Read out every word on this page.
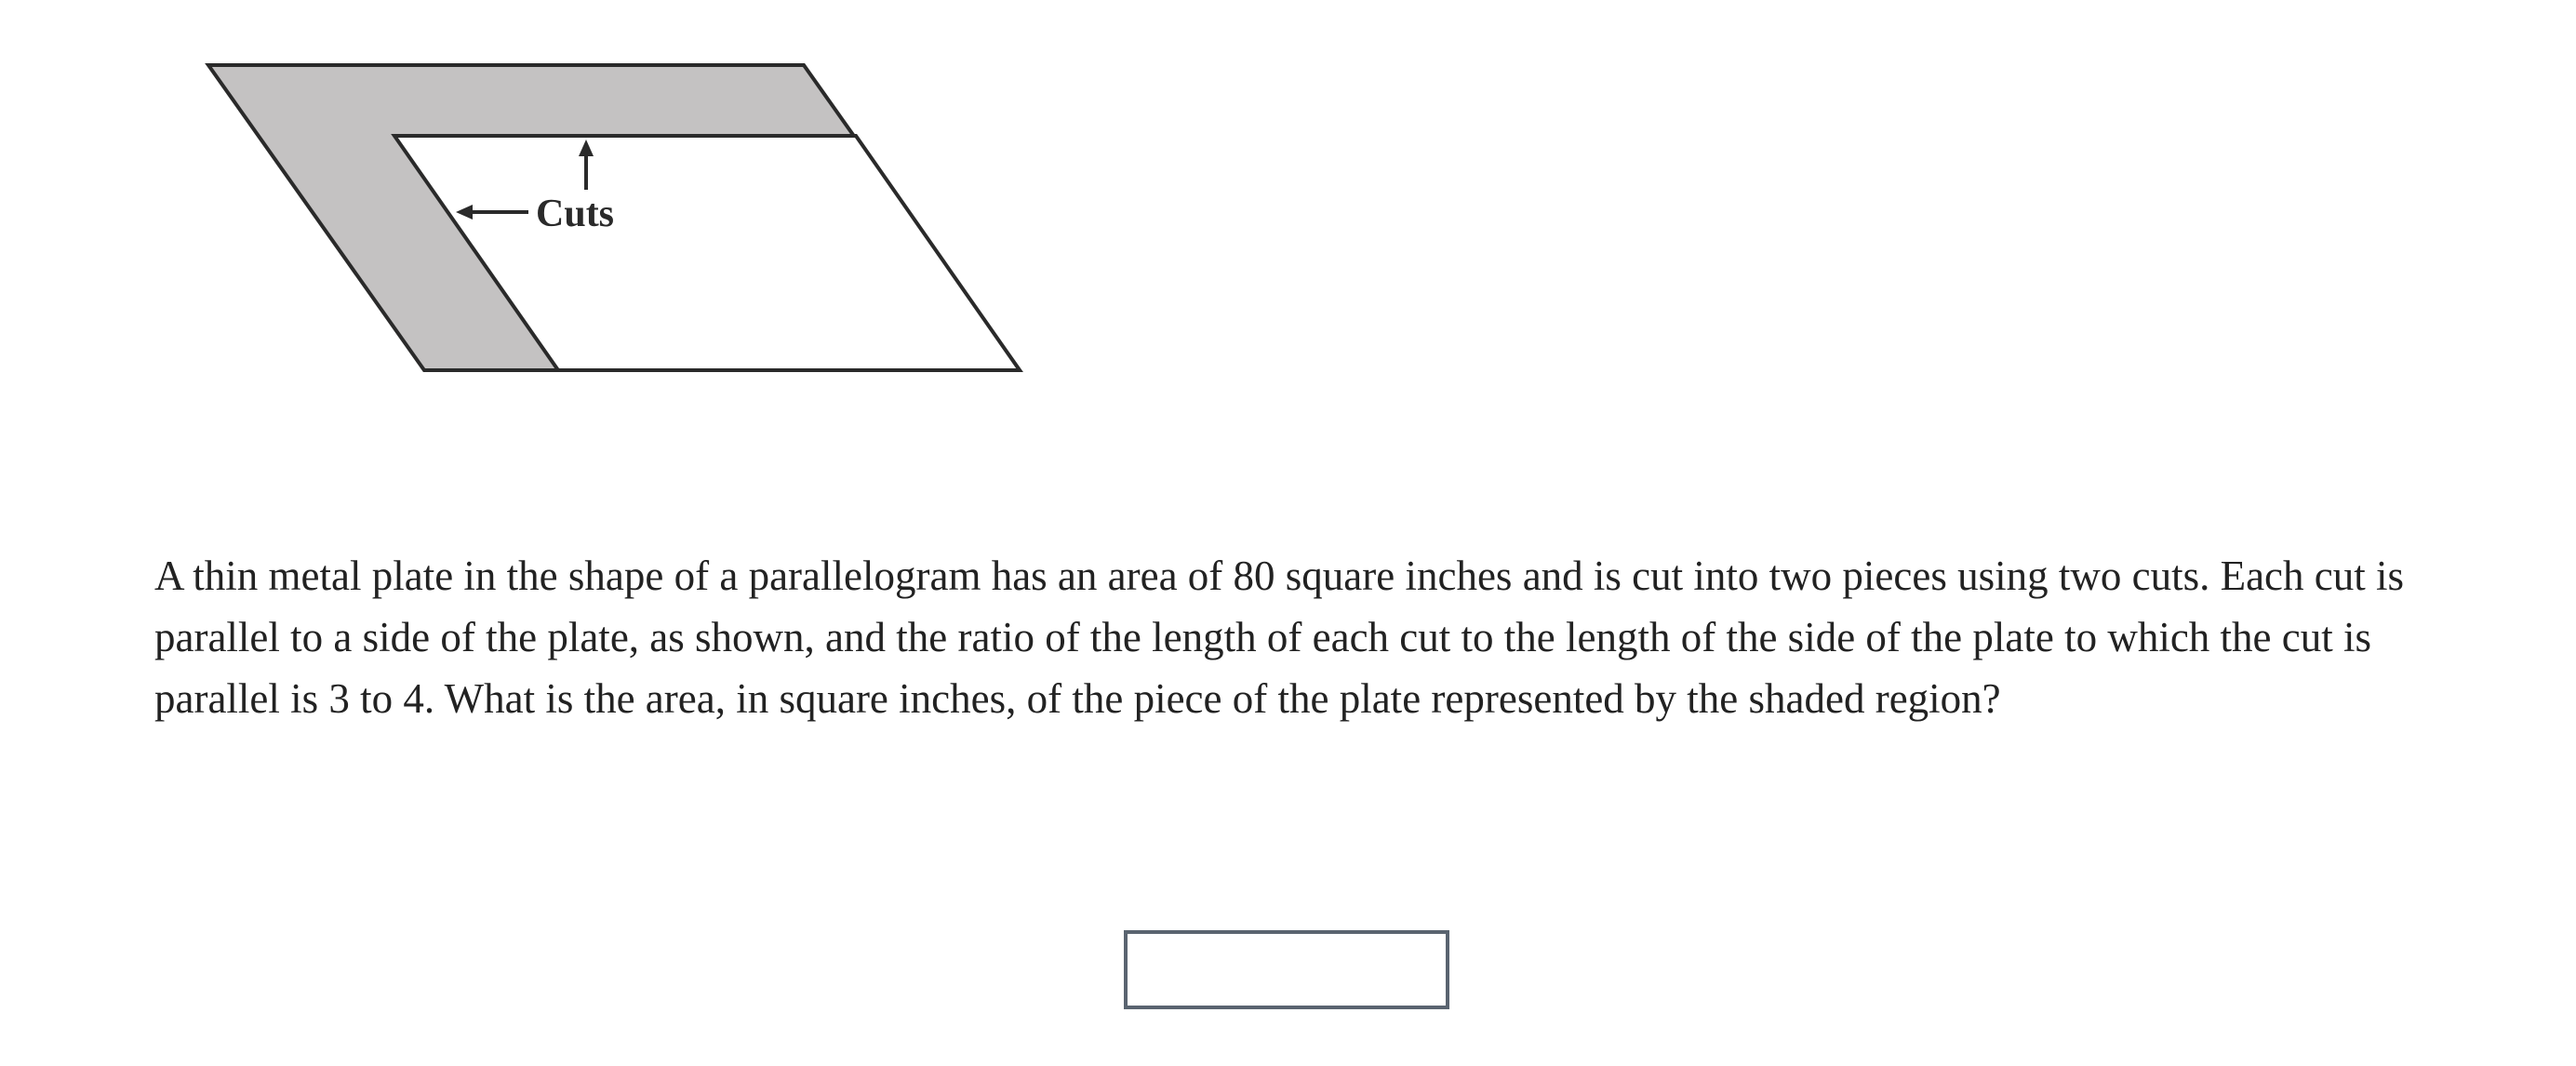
Cuts

A thin metal plate in the shape of a parallelogram has an area of 80 square inches and is cut into two pieces using two cuts. Each cut is parallel to a side of the plate, as shown, and the ratio of the length of each cut to the length of the side of the plate to which the cut is parallel is 3 to 4. What is the area, in square inches, of the piece of the plate represented by the shaded region?
